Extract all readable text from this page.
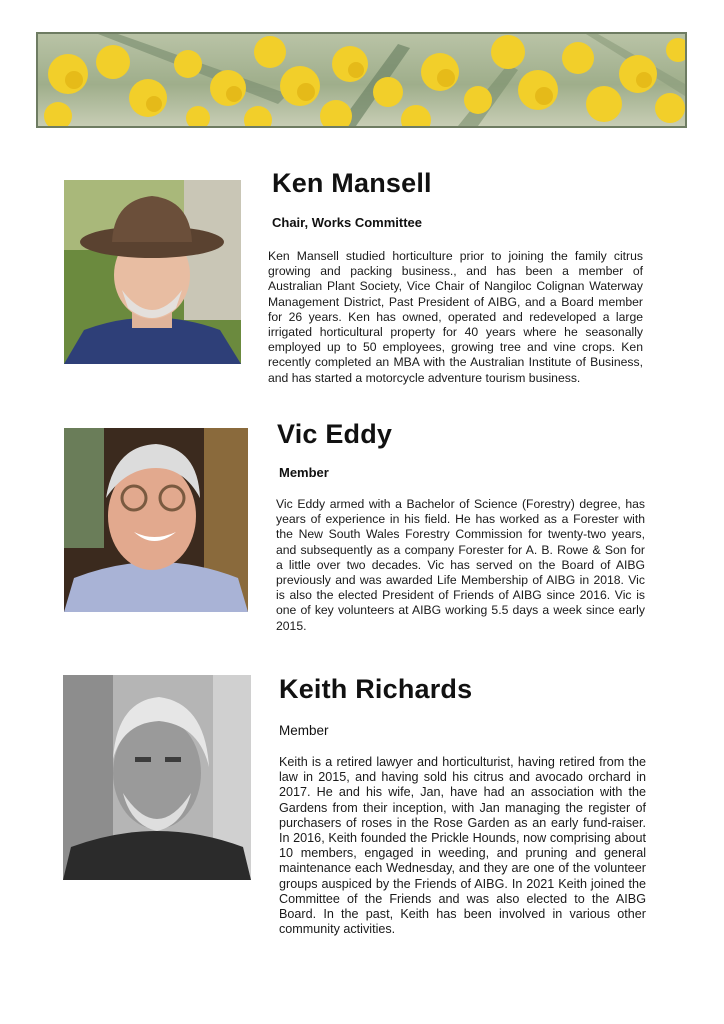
Ken Mansell

Chair, Works Committee

Ken Mansell studied horticulture prior to joining the family citrus growing and packing business., and has been a member of Australian Plant Society, Vice Chair of Nangiloc Colignan Waterway Management District, Past President of AIBG, and a Board member for 26 years. Ken has owned, operated and redeveloped a large irrigated horticultural property for 40 years where he seasonally employed up to 50 employees, growing tree and vine crops. Ken recently completed an MBA with the Australian Institute of Business, and has started a motorcycle adventure tourism business.

Vic Eddy

Member

Vic Eddy armed with a Bachelor of Science (Forestry) degree, has years of experience in his field. He has worked as a Forester with the New South Wales Forestry Commission for twenty-two years, and subsequently as a company Forester for A. B. Rowe & Son for a little over two decades. Vic has served on the Board of AIBG previously and was awarded Life Membership of AIBG in 2018. Vic is also the elected President of Friends of AIBG since 2016. Vic is one of key volunteers at AIBG working 5.5 days a week since early 2015.

Keith Richards

Member

Keith is a retired lawyer and horticulturist, having retired from the law in 2015, and having sold his citrus and avocado orchard in 2017. He and his wife, Jan, have had an association with the Gardens from their inception, with Jan managing the register of purchasers of roses in the Rose Garden as an early fund-raiser. In 2016, Keith founded the Prickle Hounds, now comprising about 10 members, engaged in weeding, and pruning and general maintenance each Wednesday, and they are one of the volunteer groups auspiced by the Friends of AIBG. In 2021 Keith joined the Committee of the Friends and was also elected to the AIBG Board. In the past, Keith has been involved in various other community activities.
